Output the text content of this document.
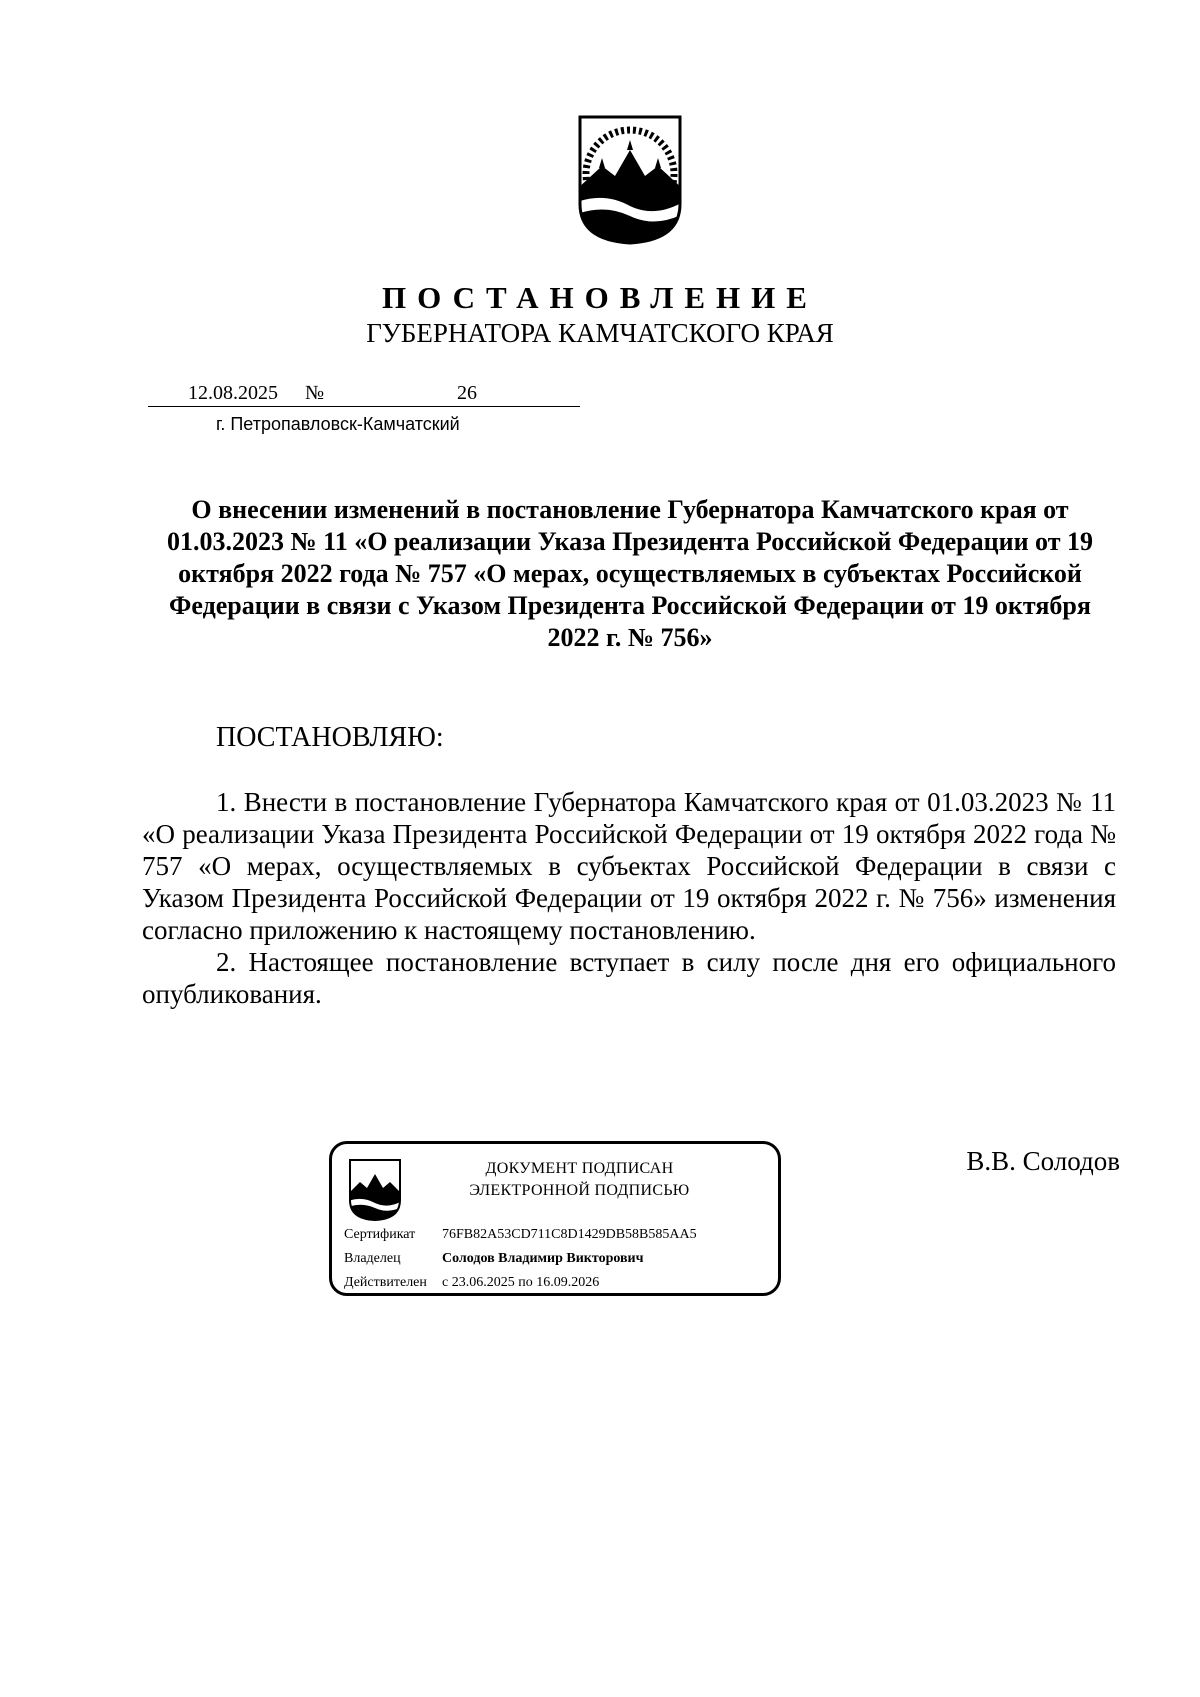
ПОСТАНОВЛЕНИЕ
ГУБЕРНАТОРА КАМЧАТСКОГО КРАЯ
12.08.2025	№	26
г. Петропавловск-Камчатский
О внесении изменений в постановление Губернатора Камчатского края от 01.03.2023 № 11 «О реализации Указа Президента Российской Федерации от 19 октября 2022 года № 757 «О мерах, осуществляемых в субъектах Российской Федерации в связи с Указом Президента Российской Федерации от 19 октября 2022 г. № 756»
ПОСТАНОВЛЯЮ:

1. Внести в постановление Губернатора Камчатского края от 01.03.2023 № 11 «О реализации Указа Президента Российской Федерации от 19 октября 2022 года № 757 «О мерах, осуществляемых в субъектах Российской Федерации в связи с Указом Президента Российской Федерации от 19 октября 2022 г. № 756» изменения согласно приложению к настоящему постановлению.

2. Настоящее постановление вступает в силу после дня его официального опубликования.

ДОКУМЕНТ ПОДПИСАН
ЭЛЕКТРОННОЙ ПОДПИСЬЮ
Сертификат 76FB82A53CD711C8D1429DB58B585AA5
Владелец	Солодов Владимир Викторович
Действителен с 23.06.2025 по 16.09.2026
В.В. Солодов
